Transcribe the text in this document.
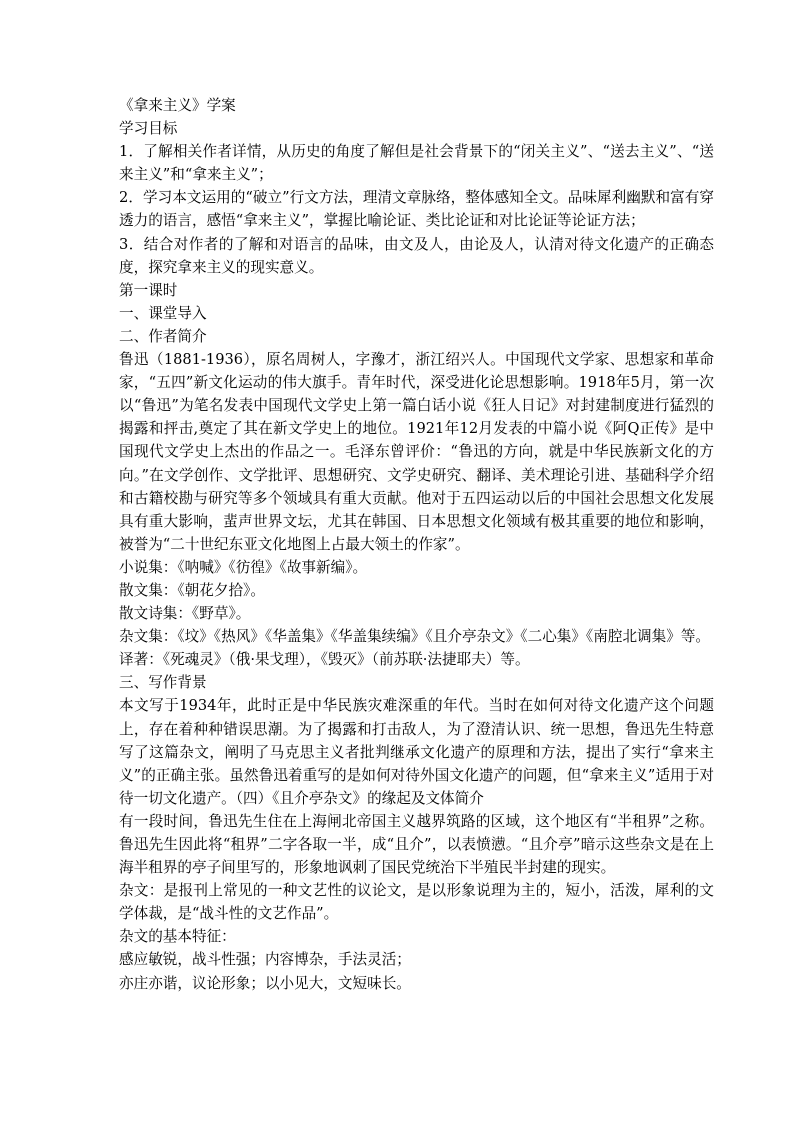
《拿来主义》学案

学习目标

1．了解相关作者详情，从历史的角度了解但是社会背景下的“闭关主义”、“送去主义”、“送来主义”和“拿来主义”；

2．学习本文运用的“破立”行文方法，理清文章脉络，整体感知全文。品味犀利幽默和富有穿透力的语言，感悟“拿来主义”，掌握比喻论证、类比论证和对比论证等论证方法；

3．结合对作者的了解和对语言的品味，由文及人，由论及人，认清对待文化遗产的正确态度，探究拿来主义的现实意义。

第一课时

一、课堂导入

二、作者简介

鲁迅（1881-1936），原名周树人，字豫才，浙江绍兴人。中国现代文学家、思想家和革命家，“五四”新文化运动的伟大旗手。青年时代，深受进化论思想影响。1918年5月，第一次以“鲁迅”为笔名发表中国现代文学史上第一篇白话小说《狂人日记》对封建制度进行猛烈的揭露和抨击,奠定了其在新文学史上的地位。1921年12月发表的中篇小说《阿Q正传》是中国现代文学史上杰出的作品之一。毛泽东曾评价：“鲁迅的方向，就是中华民族新文化的方向。”在文学创作、文学批评、思想研究、文学史研究、翻译、美术理论引进、基础科学介绍和古籍校勘与研究等多个领域具有重大贡献。他对于五四运动以后的中国社会思想文化发展具有重大影响，蜚声世界文坛，尤其在韩国、日本思想文化领域有极其重要的地位和影响，被誉为“二十世纪东亚文化地图上占最大领土的作家”。

小说集：《呐喊》《彷徨》《故事新编》。

散文集：《朝花夕拾》。

散文诗集：《野草》。

杂文集：《坟》《热风》《华盖集》《华盖集续编》《且介亭杂文》《二心集》《南腔北调集》等。

译著：《死魂灵》（俄·果戈理），《毁灭》（前苏联·法捷耶夫）等。

三、写作背景

本文写于1934年，此时正是中华民族灾难深重的年代。当时在如何对待文化遗产这个问题上，存在着种种错误思潮。为了揭露和打击敌人，为了澄清认识、统一思想，鲁迅先生特意写了这篇杂文，阐明了马克思主义者批判继承文化遗产的原理和方法，提出了实行“拿来主义”的正确主张。虽然鲁迅着重写的是如何对待外国文化遗产的问题，但“拿来主义”适用于对待一切文化遗产。（四）《且介亭杂文》的缘起及文体简介

有一段时间，鲁迅先生住在上海闸北帝国主义越界筑路的区域，这个地区有“半租界”之称。鲁迅先生因此将“租界”二字各取一半，成“且介”，以表愤懑。“且介亭”暗示这些杂文是在上海半租界的亭子间里写的，形象地讽刺了国民党统治下半殖民半封建的现实。

杂文：是报刊上常见的一种文艺性的议论文，是以形象说理为主的，短小，活泼，犀利的文学体裁，是“战斗性的文艺作品”。

杂文的基本特征：

感应敏锐，战斗性强；内容博杂，手法灵活；

亦庄亦谐，议论形象；以小见大，文短味长。
